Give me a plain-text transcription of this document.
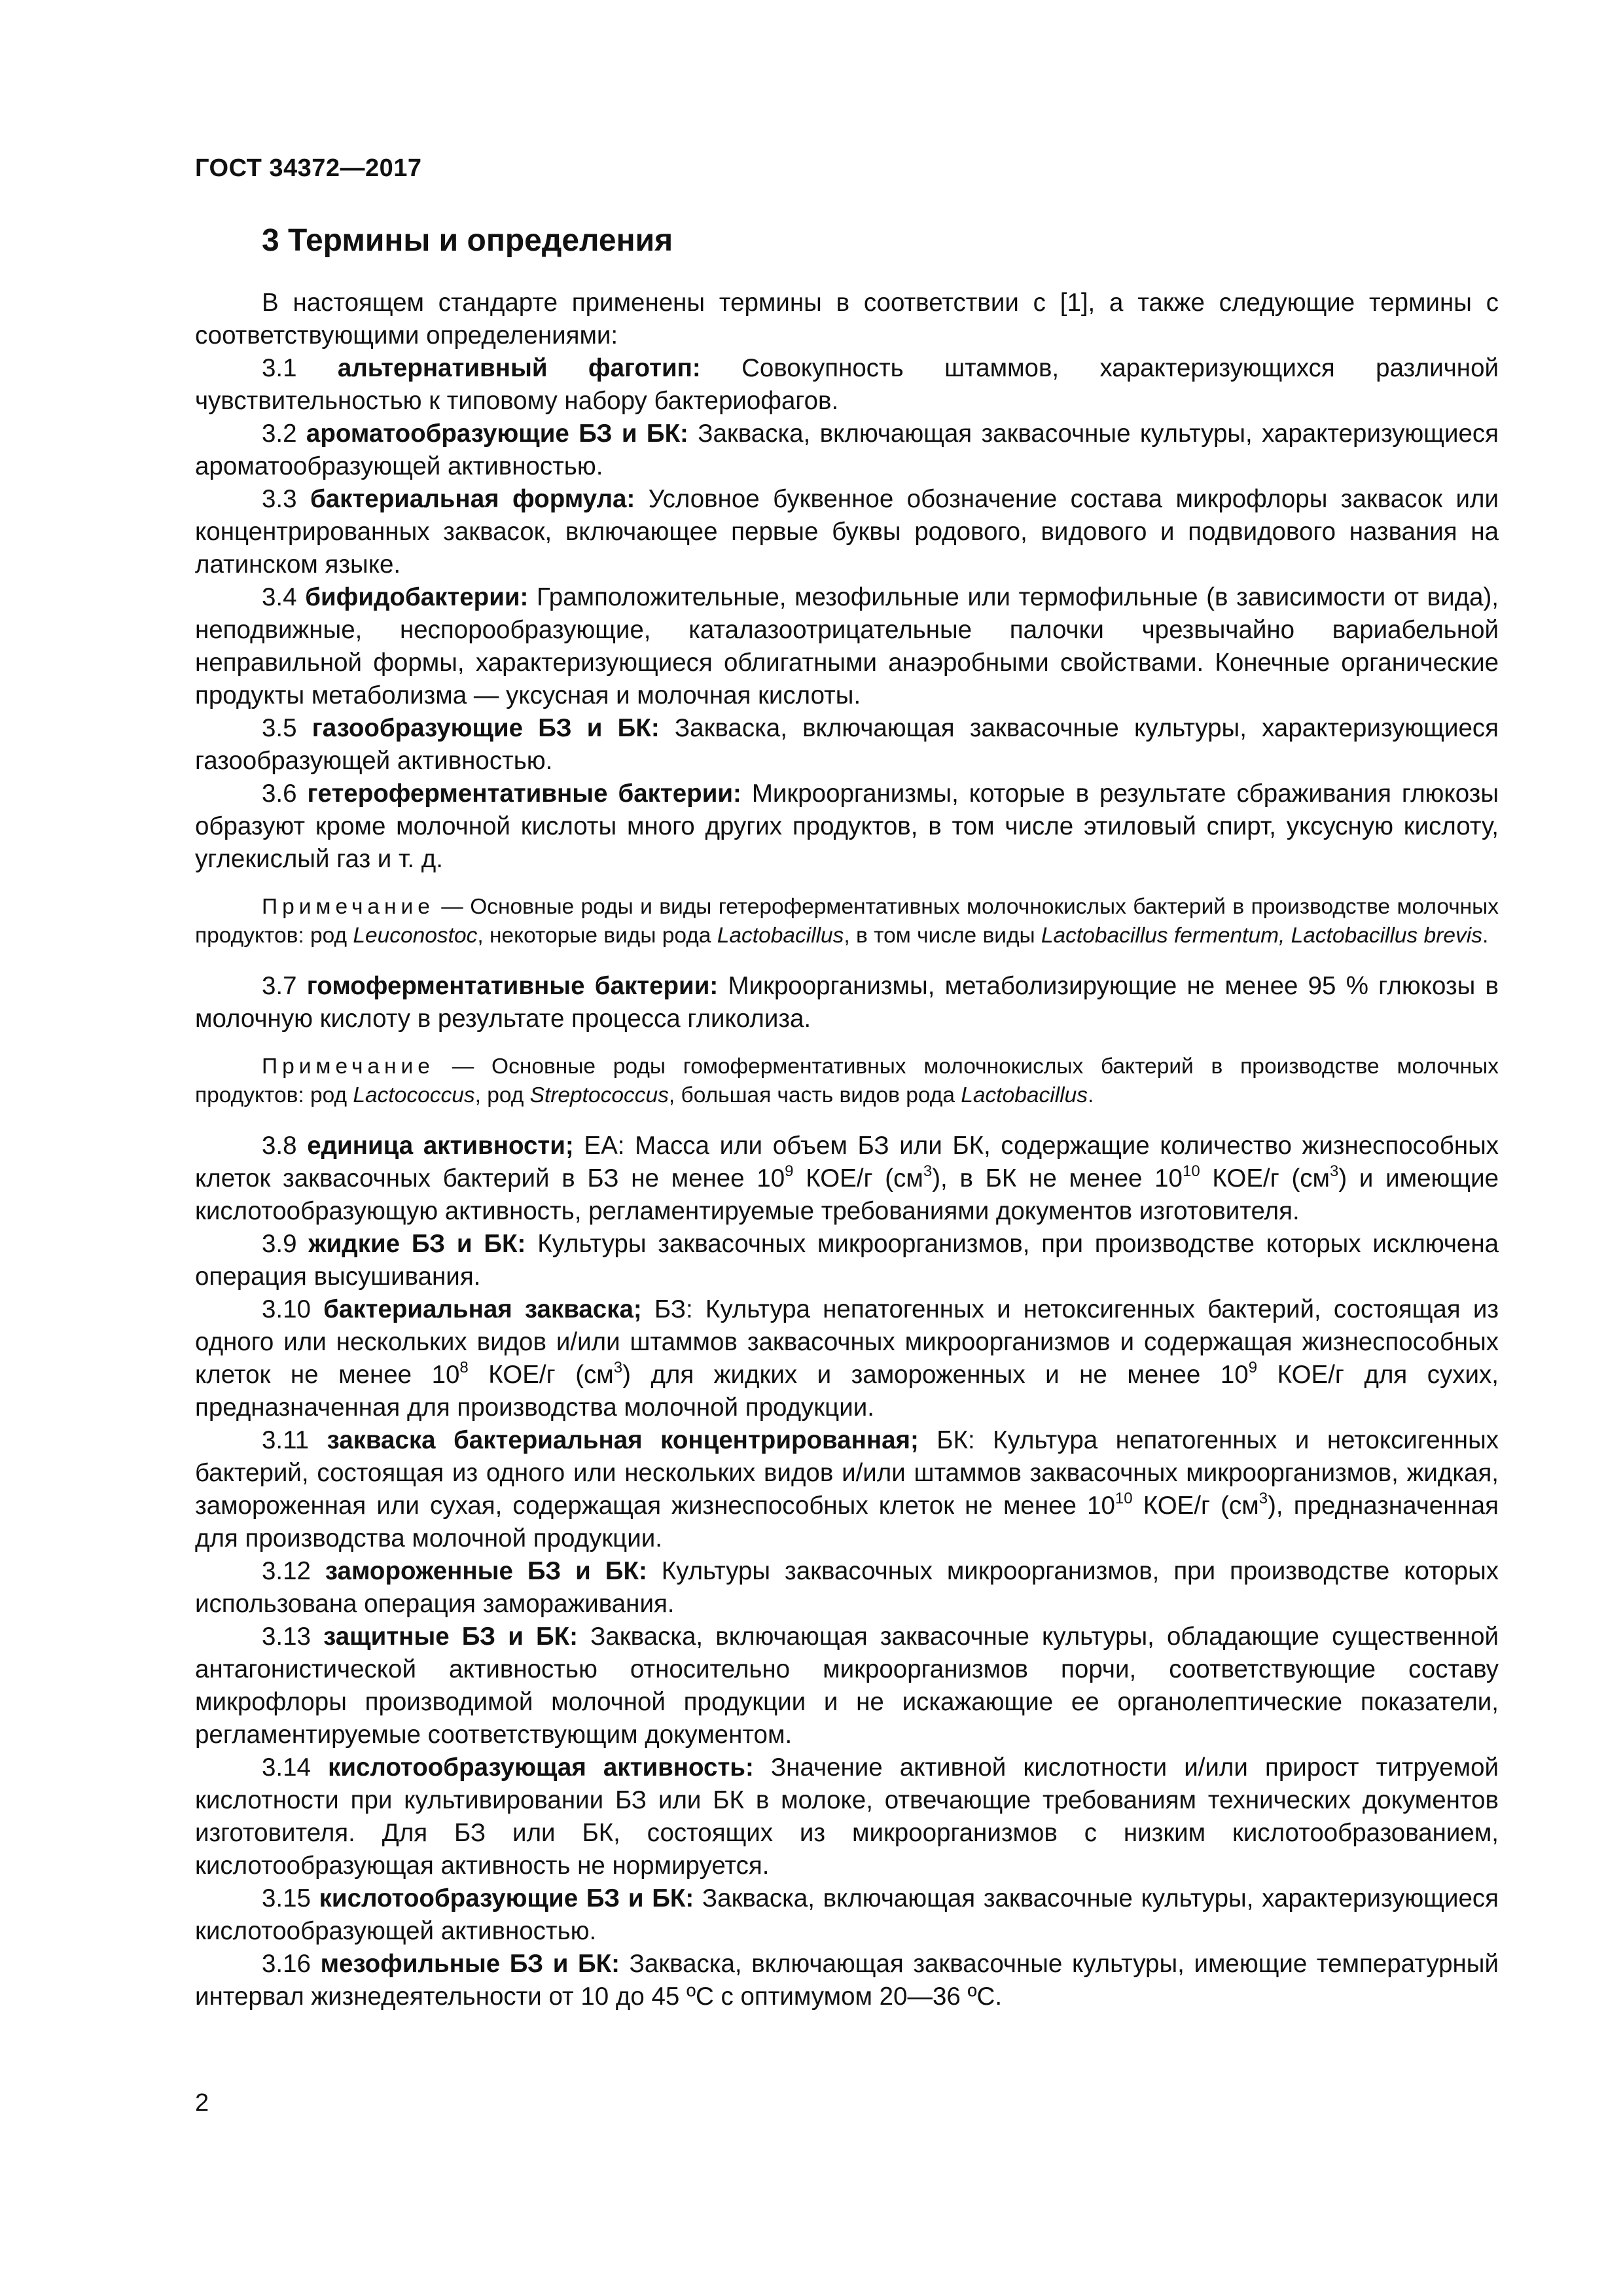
ГОСТ 34372—2017
3 Термины и определения

В настоящем стандарте применены термины в соответствии с [1], а также следующие термины с соответствующими определениями:

3.1 альтернативный фаготип: Совокупность штаммов, характеризующихся различной чувствительностью к типовому набору бактериофагов.

3.2 ароматообразующие БЗ и БК: Закваска, включающая заквасочные культуры, характеризующиеся ароматообразующей активностью.

3.3 бактериальная формула: Условное буквенное обозначение состава микрофлоры заквасок или концентрированных заквасок, включающее первые буквы родового, видового и подвидового названия на латинском языке.

3.4 бифидобактерии: Грамположительные, мезофильные или термофильные (в зависимости от вида), неподвижные, неспорообразующие, каталазоотрицательные палочки чрезвычайно вариабельной неправильной формы, характеризующиеся облигатными анаэробными свойствами. Конечные органические продукты метаболизма — уксусная и молочная кислоты.

3.5 газообразующие БЗ и БК: Закваска, включающая заквасочные культуры, характеризующиеся газообразующей активностью.

3.6 гетероферментативные бактерии: Микроорганизмы, которые в результате сбраживания глюкозы образуют кроме молочной кислоты много других продуктов, в том числе этиловый спирт, уксусную кислоту, углекислый газ и т. д.

Примечание — Основные роды и виды гетероферментативных молочнокислых бактерий в производстве молочных продуктов: род Leuconostoc, некоторые виды рода Lactobacillus, в том числе виды Lactobacillus fermentum, Lactobacillus brevis.

3.7 гомоферментативные бактерии: Микроорганизмы, метаболизирующие не менее 95 % глюкозы в молочную кислоту в результате процесса гликолиза.

Примечание — Основные роды гомоферментативных молочнокислых бактерий в производстве молочных продуктов: род Lactococcus, род Streptococcus, большая часть видов рода Lactobacillus.

3.8 единица активности; ЕА: Масса или объем БЗ или БК, содержащие количество жизнеспособных клеток заквасочных бактерий в БЗ не менее $10^9$ КОЕ/г $(см^3)$, в БК не менее $10^{10}$ КОЕ/г $(см^3)$ и имеющие кислотообразующую активность, регламентируемые требованиями документов изготовителя.

3.9 жидкие БЗ и БК: Культуры заквасочных микроорганизмов, при производстве которых исключена операция высушивания.

3.10 бактериальная закваска; БЗ: Культура непатогенных и нетоксигенных бактерий, состоящая из одного или нескольких видов и/или штаммов заквасочных микроорганизмов и содержащая жизнеспособных клеток не менее $10^8$ КОЕ/г $(см^3)$ для жидких и замороженных и не менее $10^9$ КОЕ/г для сухих, предназначенная для производства молочной продукции.

3.11 закваска бактериальная концентрированная; БК: Культура непатогенных и нетоксигенных бактерий, состоящая из одного или нескольких видов и/или штаммов заквасочных микроорганизмов, жидкая, замороженная или сухая, содержащая жизнеспособных клеток не менее $10^{10}$ КОЕ/г $(см^3)$, предназначенная для производства молочной продукции.

3.12 замороженные БЗ и БК: Культуры заквасочных микроорганизмов, при производстве которых использована операция замораживания.

3.13 защитные БЗ и БК: Закваска, включающая заквасочные культуры, обладающие существенной антагонистической активностью относительно микроорганизмов порчи, соответствующие составу микрофлоры производимой молочной продукции и не искажающие ее органолептические показатели, регламентируемые соответствующим документом.

3.14 кислотообразующая активность: Значение активной кислотности и/или прирост титруемой кислотности при культивировании БЗ или БК в молоке, отвечающие требованиям технических документов изготовителя. Для БЗ или БК, состоящих из микроорганизмов с низким кислотообразованием, кислотообразующая активность не нормируется.

3.15 кислотообразующие БЗ и БК: Закваска, включающая заквасочные культуры, характеризующиеся кислотообразующей активностью.

3.16 мезофильные БЗ и БК: Закваска, включающая заквасочные культуры, имеющие температурный интервал жизнедеятельности от 10 до 45 ºС с оптимумом 20—36 ºС.

2
